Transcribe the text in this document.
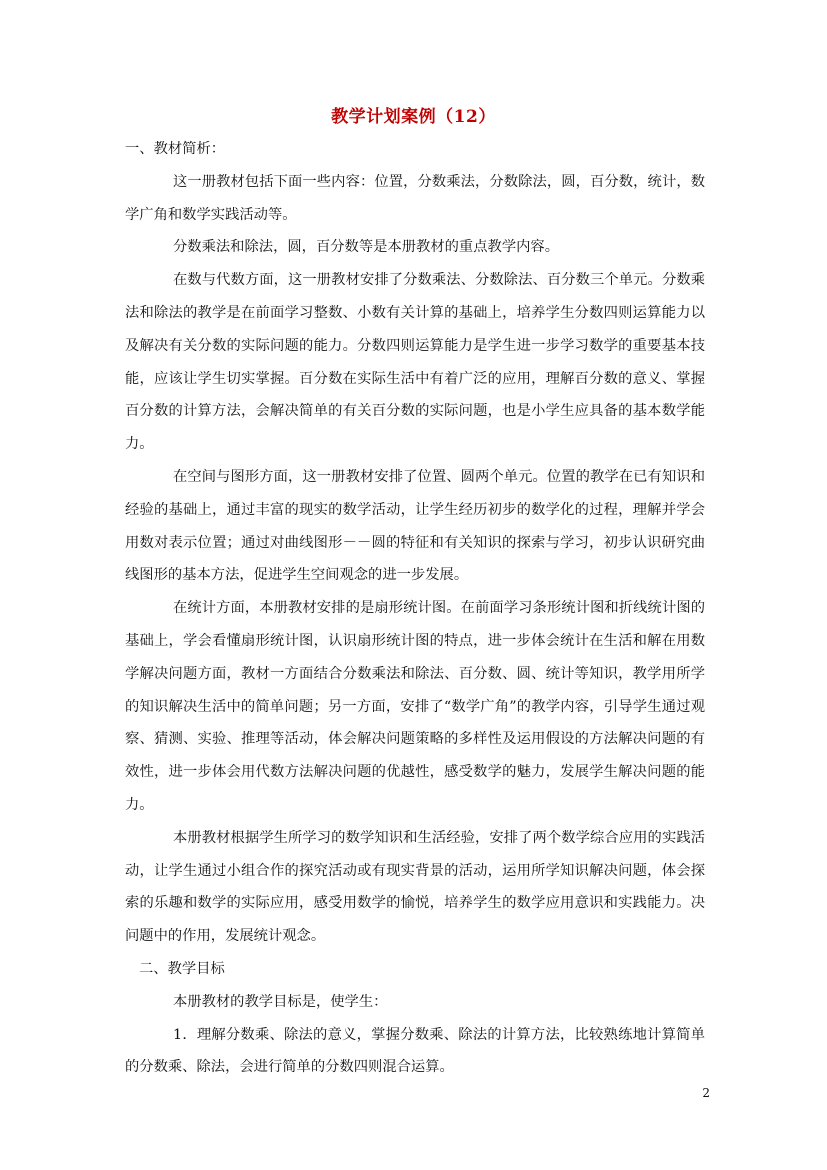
教学计划案例（12）

一、教材简析：

这一册教材包括下面一些内容：位置，分数乘法，分数除法，圆，百分数，统计，数学广角和数学实践活动等。

分数乘法和除法，圆，百分数等是本册教材的重点教学内容。

在数与代数方面，这一册教材安排了分数乘法、分数除法、百分数三个单元。分数乘法和除法的教学是在前面学习整数、小数有关计算的基础上，培养学生分数四则运算能力以及解决有关分数的实际问题的能力。分数四则运算能力是学生进一步学习数学的重要基本技能，应该让学生切实掌握。百分数在实际生活中有着广泛的应用，理解百分数的意义、掌握百分数的计算方法，会解决简单的有关百分数的实际问题，也是小学生应具备的基本数学能力。

在空间与图形方面，这一册教材安排了位置、圆两个单元。位置的教学在已有知识和经验的基础上，通过丰富的现实的数学活动，让学生经历初步的数学化的过程，理解并学会用数对表示位置；通过对曲线图形－－圆的特征和有关知识的探索与学习，初步认识研究曲线图形的基本方法，促进学生空间观念的进一步发展。

在统计方面，本册教材安排的是扇形统计图。在前面学习条形统计图和折线统计图的基础上，学会看懂扇形统计图，认识扇形统计图的特点，进一步体会统计在生活和解在用数学解决问题方面，教材一方面结合分数乘法和除法、百分数、圆、统计等知识，教学用所学的知识解决生活中的简单问题；另一方面，安排了“数学广角”的教学内容，引导学生通过观察、猜测、实验、推理等活动，体会解决问题策略的多样性及运用假设的方法解决问题的有效性，进一步体会用代数方法解决问题的优越性，感受数学的魅力，发展学生解决问题的能力。

本册教材根据学生所学习的数学知识和生活经验，安排了两个数学综合应用的实践活动，让学生通过小组合作的探究活动或有现实背景的活动，运用所学知识解决问题，体会探索的乐趣和数学的实际应用，感受用数学的愉悦，培养学生的数学应用意识和实践能力。决问题中的作用，发展统计观念。

二、教学目标

本册教材的教学目标是，使学生：

1．理解分数乘、除法的意义，掌握分数乘、除法的计算方法，比较熟练地计算简单的分数乘、除法，会进行简单的分数四则混合运算。

2
